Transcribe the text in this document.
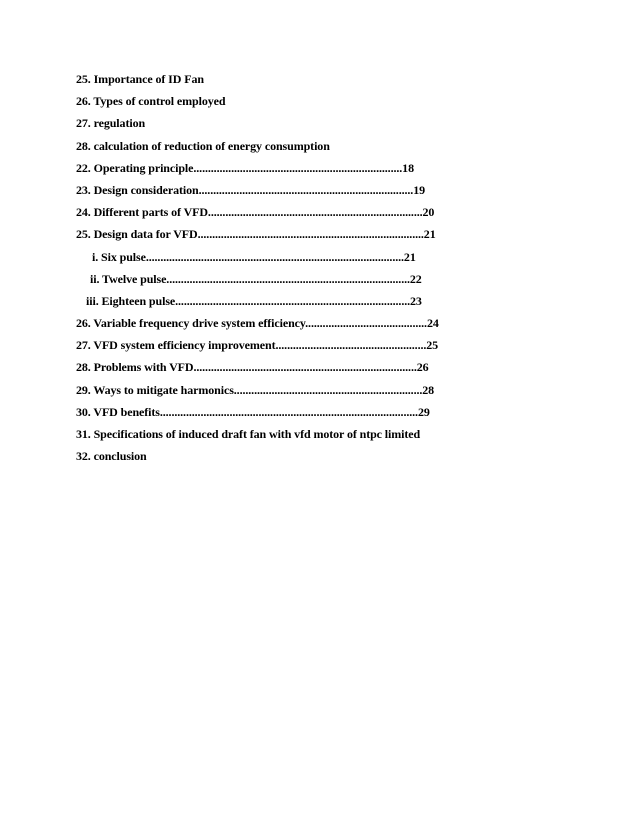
25. Importance of ID Fan
26. Types of control employed
27. regulation
28. calculation of reduction of energy consumption
22. Operating principle........................................................................18
23. Design consideration..........................................................................19
24. Different parts of VFD..........................................................................20
25. Design data for VFD..............................................................................21
i. Six pulse.........................................................................................21
ii. Twelve pulse....................................................................................22
iii. Eighteen pulse.................................................................................23
26. Variable frequency drive system efficiency..........................................24
27. VFD system efficiency improvement....................................................25
28. Problems with VFD.............................................................................26
29. Ways to mitigate harmonics.................................................................28
30. VFD benefits.........................................................................................29
31. Specifications of induced draft fan with vfd motor of ntpc limited
32. conclusion
